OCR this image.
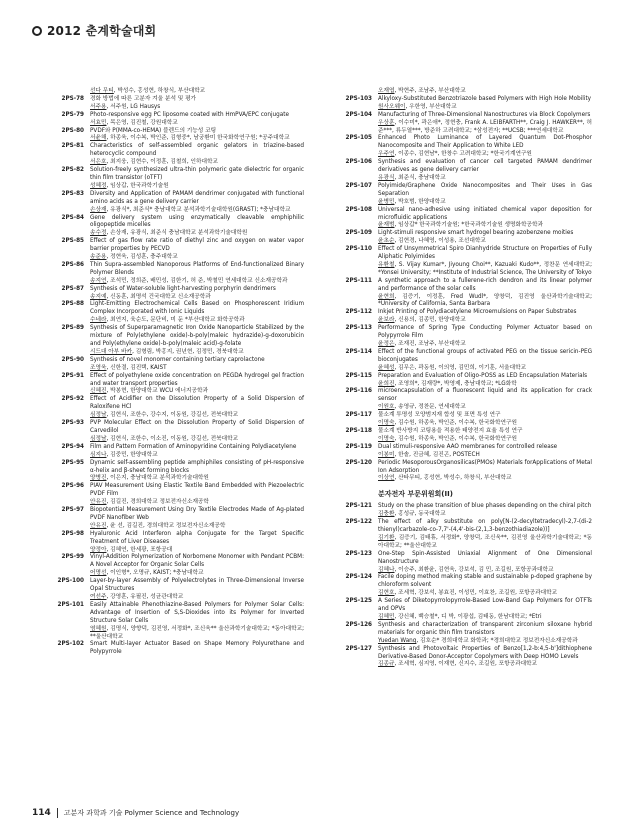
2012 춘계학술대회
선다 무티, 박성수, 홍성현, 하창식, 부산대학교
2PS-78	경화 방법에 따른 고분자 겨울 분석 및 평가
서주용, 서주원, LG Hausys
2PS-79	Photo-responsive egg PC liposome coated with HmPVA/EPC conjugate
서효민, 목은영, 김진철, 강원대학교
2PS-80	PVDF와 P(MMA-co-HEMA) 블렌드의 기능성 코팅
서윤해, 하종욱, 이수복, 박인준, 김형중*, 남궁환미 한국화학연구원; *공주대학교
2PS-81	Characteristics of self-assembled organic gelators in triazine-based heterocyclic compound
서은호, 최지웅, 김현수, 이정훈, 김철희, 인하대학교
2PS-82	Solution-freely synthesized ultra-thin polymeric gate dielectric for organic thin film transistor (oTFT)
성혜정, 임상갑, 한국과학기술원
2PS-83	Diversity and Application of PAMAM dendrimer conjugated with functional amino acids as a gene delivery carrier
손상재, 유광식*, 최준식* 충남대학교 분석과학기술대학원(GRAST); *충남대학교
2PS-84	Gene delivery system using enzymatically cleavable emphiphilic oligopeptide micelles
송수정, 손상재, 유광식, 최준식 충남대학교 분석과학기술대학원
2PS-85	Effect of gas flow rate ratio of diethyl zinc and oxygen on water vapor barrier properties by PECVD
송준용, 정현욱, 김성훈, 충주대학교
2PS-86	Thin Supra-assembled Nanoporous Platforms of End-functionalized Binary Polymer Blends
송지연, 조석민, 정희준, 배민성, 김한기, 허 준, 박철민 연세대학교 신소재공학과
2PS-87	Synthesis of Water-soluble light-harvesting porphyrin dendrimers
송지예, 신동훈, 최명석 건국대학교 신소재공학과
2PS-88	Light-Emitting Electrochemical Cells Based on Phosphorescent Iridium Complex Incorporated with Ionic Liquids
수네라, 최연지, 육순도, 문단비, 미 둔 *부산대학교 화학공학과
2PS-89	Synthesis of Superparamagnetic Iron Oxide Nanoparticle Stabilized by the mixture of Poly(ethylene oxide)-b-poly(maleic hydrazide)-g-doxorubicin and Poly(ethylene oxide)-b-poly(maleic acid)-g-folate
시드대 아부 바카, 김형림, 박홍지, 권년현, 김정민, 경북대학교
2PS-90	Synthesis of novel monomer containing tertiary caprolactone
조영욱, 신한결, 김진택, KAIST
2PS-91	Effect of polyethylene oxide concentration on PEGDA hydrogel gel fraction and water transport properties
신혜진, 박봉현, 한양대학교 WCU 에너지공학과
2PS-92	Effect of Acidifier on the Dissolution Property of a Solid Dispersion of Raloxifene HCl
심정남, 김현식, 조한수, 강수지, 이동원, 강길선, 전북대학교
2PS-93	PVP Molecular Effect on the Dissolution Property of Solid Dispersion of Carvedilol
심정남, 김현식, 조한수, 이소진, 이동원, 강길선, 전북대학교
2PS-94	Film and Pattern Formation of Aminopyridine Containing Polydiacetylene
심지나, 김중민, 한양대학교
2PS-95	Dynamic self-assembling peptide amphiphiles consisting of pH-responsive α-helix and β-sheet forming blocks
양병진, 이은지, 충남대학교 분석과학기술대학원
2PS-96	PIAV Measurement Using Elastic Textile Band Embedded with Piezoelectric PVDF Film
안유진, 김길진, 경희대학교 정보전자신소재공학
2PS-97	Biopotential Measurement Using Dry Textile Electrodes Made of Ag-plated PVDF Nanofiber Web
안유진, 윤 선, 김길진, 경희대학교 정보전자신소재공학
2PS-98	Hyaluronic Acid Interferon alpha Conjugate for the Target Specific Treatment of Liver Diseases
양정아, 김혜연, 한세광, 포항공대
2PS-99	Vinyl-Addition Polymerization of Norbornene Monomer with Pendant PCBM: A Novel Acceptor for Organic Solar Cells
어명선, 이인형*, 오명규, KAIST; *충남대학교
2PS-100	Layer-by-layer Assembly of Polyelectrolytes in Three-Dimensional Inverse Opal Structures
여선주, 강영훈, 유필진, 성균관대학교
2PS-101	Easily Attainable Phenothiazine-Based Polymers for Polymer Solar Cells: Advantage of Insertion of S,S-Dioxides into its Polymer for Inverted Structure Solar Cells
염혜원, 김명식, 양향덕, 김진영, 서정화*, 조신욱** 울산과학기술대학교; *동아대학교; **울산대학교
2PS-102	Smart Multi-layer Actuator Based on Shape Memory Polyurethane and Polypyrrole
오재엽, 박현주, 조남주, 부산대학교
2PS-103	Alkyloxy-Substituted Benzotriazole based Polymers with High Hole Mobility
원사오웨이, 우한영, 부산대학교
2PS-104	Manufacturing of Three-Dimensional Nanostructures via Block Copolymers
우상훈, 이수미*, 곽은애*, 정현충, Frank A. LEIBFARTH**, Craig J. HAWKER**, 허 준***, 류두열***, 방준하 고려대학교; *삼성전자; **UCSB; ***연세대학교
2PS-105	Enhanced Photo Luminance of Layered Quantum Dot-Phosphor Nanocomposite and Their Application to White LED
우주연, 이종수, 김현남*, 한창수 고려대학교; *한국기계연구원
2PS-106	Synthesis and evaluation of cancer cell targeted PAMAM dendrimer derivatives as gene delivery carrier
유광식, 최준식, 충남대학교
2PS-107	Polyimide/Graphene Oxide Nanocomposites and Their Uses in Gas Separation
윤병민, 박호범, 한양대학교
2PS-108	Universal nano-adhesive using initiated chemical vapor deposition for microfluidic applications
윤재범, 임상갑* 한국과학기술원; *한국과학기술원 생명화학공학과
2PS-109	Light-stimuli responsive smart hydrogel bearing azobenzene moities
윤초순, 김현경, 나혜영, 이성용, 조선대학교
2PS-110	Effect of Unsymmetrical Spiro Dianhydride Structure on Properties of Fully Aliphatic Polyimides
유환철, S. Vijay Kumar*, Jiyoung Choi**, Kazuaki Kudo**, 정찬문 연세대학교; *Yonsei University; **Institute of Industrial Science, The University of Tokyo
2PS-111	A synthetic approach to a fullerene-rich dendron and its linear polymer and performance of the solar cells
윤현희, 김증기, 이정훈, Fred Wudl*, 양창덕, 김진영 울산과학기술대학교; *University of California, Santa Barbara
2PS-112	Inkjet Printing of Polydiacetylene Microemulsions on Paper Substrates
윤보라, 신용의, 김종민, 한양대학교
2PS-113	Performance of Spring Type Conducting Polymer Actuator based on Polypyrrole Film
윤정은, 조재진, 조남주, 부산대학교
2PS-114	Effect of the functional groups of activated PEG on the tissue sericin-PEG bioconjugates
윤혜성, 김무은, 곽동원, 이의영, 김민희, 이기훈, 서울대학교
2PS-115	Preparation and Evaluation of Oligo-POSS as LED Encapsulation Materials
윤희진, 조영희*, 김재량*, 박영제, 충남대학교; *LG화학
2PS-116	microencapsulation of a fluorescent liquid and its application for crack sensor
이원호, 송영규, 정찬문, 연세대학교
2PS-117	물소계 투명성 모양범지재 합성 및 표면 특성 연구
이명숙, 김수원, 하종욱, 박인준, 이수복, 한국화학연구원
2PS-118	물소계 반사방지 코팅용을 적용한 태양전지 효율 특성 연구
이명숙, 김수원, 하종욱, 박인준, 이수복, 한국화학연구원
2PS-119	Dual stimuli-responsive AAO membranes for controlled release
이봉미, 한솔, 진금혜, 김진곤, POSTECH
2PS-120	Periodic MesoporousOrganosilicas(PMOs) Materials forApplications of Metal Ion Adsorption
이상연, 산타무티, 홍성현, 박성수, 하창식, 부산대학교
분자전자 부문위원회(II)
2PS-121	Study on the phase transition of blue phases depending on the chiral pitch
김충환, 홍성규, 동국대학교
2PS-122	The effect of alky substitute on poly[N-(2-decyltetradecyl)-2,7-(di-2 thienyl)carbazole-co-7,7'-(4,4'-bis-(2,1,3-benzothiadiazole))]
김기환, 김증기, 김태휴, 서정화*, 양창덕, 조신욱**, 김진영 울산과학기술대학교; *동아대학교; **울산대학교
2PS-123	One-Step Spin-Assisted Uniaxial Alignment of One Dimensional Nanostructure
김혜나, 이승주, 최환윤, 김현욱, 강보석, 김 민, 조길원, 포항공과대학교
2PS-124	Facile doping method making stable and sustainable p-doped graphene by chloroform solvent
김현호, 조세혁, 강보석, 봉효진, 이성민, 이효찬, 조길원, 포항공과대학교
2PS-125	A Series of Diketopyrrolopyrrole-Based Low-Band Gap Polymers for OTFTs and OPVs
김혜민, 강신혜, 백승철*, 디 박, 이광섭, 김태동, 한남대학교; *Etri
2PS-126	Synthesis and characterization of transparent zirconium siloxane hybrid materials for organic thin film transistors
Yuedan Wang, 김호순* 경희대학교 화학과; *경희대학교 정보전자신소재공학과
2PS-127	Synthesis and Photovoltaic Properties of Benzo[1,2-b:4,5-b']dithiophene Derivative-Based Donor-Acceptor Copolymers with Deep HOMO Levels
김종규, 조세혁, 심지영, 이재현, 신지수, 조길원, 포항공과대학교
114 고분자 과학과 기술 Polymer Science and Technology
